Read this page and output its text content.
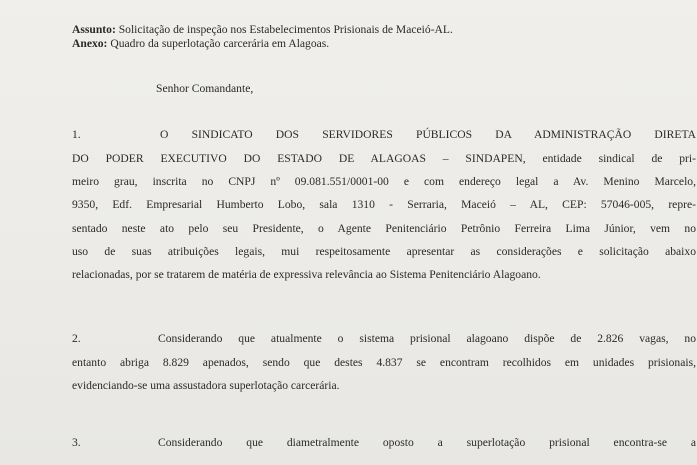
Assunto: Solicitação de inspeção nos Estabelecimentos Prisionais de Maceió-AL.
Anexo: Quadro da superlotação carcerária em Alagoas.
Senhor Comandante,
1.	O SINDICATO DOS SERVIDORES PÚBLICOS DA ADMINISTRAÇÃO DIRETA
DO PODER EXECUTIVO DO ESTADO DE ALAGOAS – SINDAPEN, entidade sindical de pri-
meiro grau, inscrita no CNPJ nº 09.081.551/0001-00 e com endereço legal a Av. Menino Marcelo,
9350, Edf. Empresarial Humberto Lobo, sala 1310 - Serraria, Maceió – AL, CEP: 57046-005, repre-
sentado neste ato pelo seu Presidente, o Agente Penitenciário Petrônio Ferreira Lima Júnior, vem no
uso de suas atribuições legais, mui respeitosamente apresentar as considerações e solicitação abaixo
relacionadas, por se tratarem de matéria de expressiva relevância ao Sistema Penitenciário Alagoano.
2.	Considerando que atualmente o sistema prisional alagoano dispõe de 2.826 vagas, no
entanto abriga 8.829 apenados, sendo que destes 4.837 se encontram recolhidos em unidades prisionais,
evidenciando-se uma assustadora superlotação carcerária.
3.	Considerando que diametralmente oposto a superlotação prisional encontra-se a
